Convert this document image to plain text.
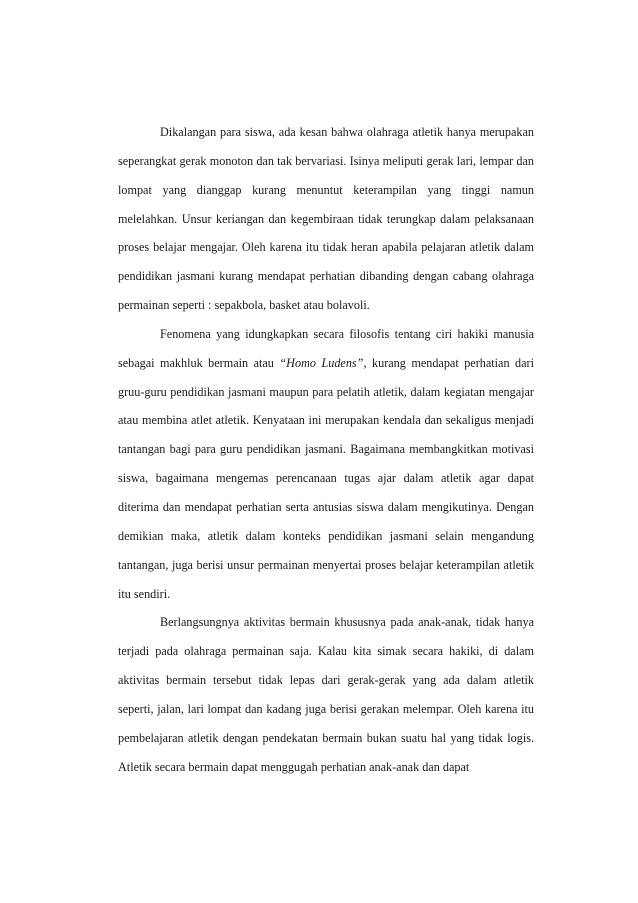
Dikalangan para siswa, ada kesan bahwa olahraga atletik hanya merupakan seperangkat gerak monoton dan tak bervariasi. Isinya meliputi gerak lari, lempar dan lompat yang dianggap kurang menuntut keterampilan yang tinggi namun melelahkan. Unsur keriangan dan kegembiraan tidak terungkap dalam pelaksanaan proses belajar mengajar. Oleh karena itu tidak heran apabila pelajaran atletik dalam pendidikan jasmani kurang mendapat perhatian dibanding dengan cabang olahraga permainan seperti : sepakbola, basket atau bolavoli.

Fenomena yang idungkapkan secara filosofis tentang ciri hakiki manusia sebagai makhluk bermain atau “Homo Ludens”, kurang mendapat perhatian dari gruu-guru pendidikan jasmani maupun para pelatih atletik, dalam kegiatan mengajar atau membina atlet atletik. Kenyataan ini merupakan kendala dan sekaligus menjadi tantangan bagi para guru pendidikan jasmani. Bagaimana membangkitkan motivasi siswa, bagaimana mengemas perencanaan tugas ajar dalam atletik agar dapat diterima dan mendapat perhatian serta antusias siswa dalam mengikutinya. Dengan demikian maka, atletik dalam konteks pendidikan jasmani selain mengandung tantangan, juga berisi unsur permainan menyertai proses belajar keterampilan atletik itu sendiri.

Berlangsungnya aktivitas bermain khususnya pada anak-anak, tidak hanya terjadi pada olahraga permainan saja. Kalau kita simak secara hakiki, di dalam aktivitas bermain tersebut tidak lepas dari gerak-gerak yang ada dalam atletik seperti, jalan, lari lompat dan kadang juga berisi gerakan melempar. Oleh karena itu pembelajaran atletik dengan pendekatan bermain bukan suatu hal yang tidak logis. Atletik secara bermain dapat menggugah perhatian anak-anak dan dapat
